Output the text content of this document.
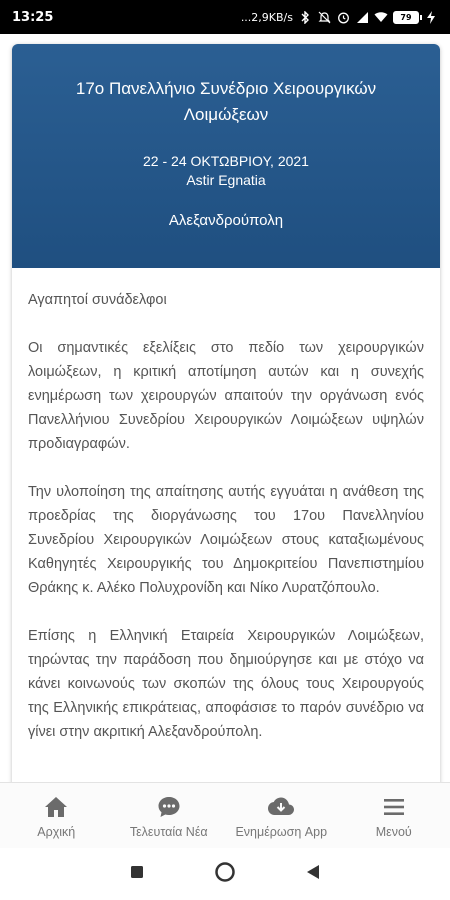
13:25	...2,9KB/s	79
17ο Πανελλήνιο Συνέδριο Χειρουργικών Λοιμώξεων
22 - 24 ΟΚΤΩΒΡΙΟΥ, 2021
Astir Egnatia
Αλεξανδρούπολη

Αγαπητοί συνάδελφοι

Οι σημαντικές εξελίξεις στο πεδίο των χειρουργικών λοιμώξεων, η κριτική αποτίμηση αυτών και η συνεχής ενημέρωση των χειρουργών απαιτούν την οργάνωση ενός Πανελλήνιου Συνεδρίου Χειρουργικών Λοιμώξεων υψηλών προδιαγραφών.

Την υλοποίηση της απαίτησης αυτής εγγυάται η ανάθεση της προεδρίας της διοργάνωσης του 17ου Πανελληνίου Συνεδρίου Χειρουργικών Λοιμώξεων στους καταξιωμένους Καθηγητές Χειρουργικής του Δημοκριτείου Πανεπιστημίου Θράκης κ. Αλέκο Πολυχρονίδη και Νίκο Λυρατζόπουλο.

Επίσης η Ελληνική Εταιρεία Χειρουργικών Λοιμώξεων, τηρώντας την παράδοση που δημιούργησε και με στόχο να κάνει κοινωνούς των σκοπών της όλους τους Χειρουργούς της Ελληνικής επικράτειας, αποφάσισε το παρόν συνέδριο να γίνει στην ακριτική Αλεξανδρούπολη.

Αρχική	Τελευταία Νέα Ενημέρωση App	Μενού
